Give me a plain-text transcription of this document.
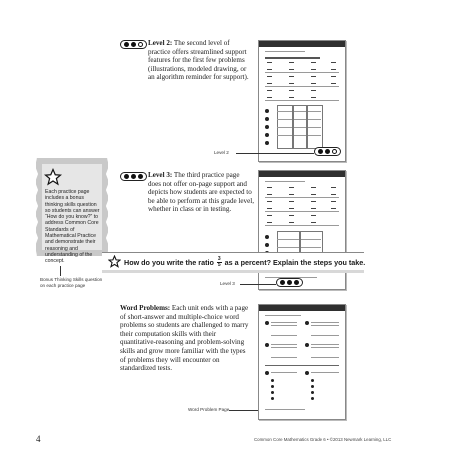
Level 2: The second level of practice offers streamlined support features for the first few problems (illustrations, modeled drawing, or an algorithm reminder for support).
Level 2
Each practice page includes a bonus thinking skills question so students can answer “How do you know?” to address Common Core Standards of Mathematical Practice and demonstrate their reasoning and understanding of the concept.
Level 3: The third practice page does not offer on-page support and depicts how students are expected to be able to perform at this grade level, whether in class or in testing.
How do you write the ratio $\frac{3}{5}$ as a percent? Explain the steps you take.
Bonus Thinking Skills question
on each practice page	Level 3
Word Problems: Each unit ends with a page of short-answer and multiple-choice word problems so students are challenged to marry their computation skills with their quantitative-reasoning and problem-solving skills and grow more familiar with the types of problems they will encounter on standardized tests.
Word Problem Page
4	Common Core Mathematics Grade 6 • ©2013 Newmark Learning, LLC
